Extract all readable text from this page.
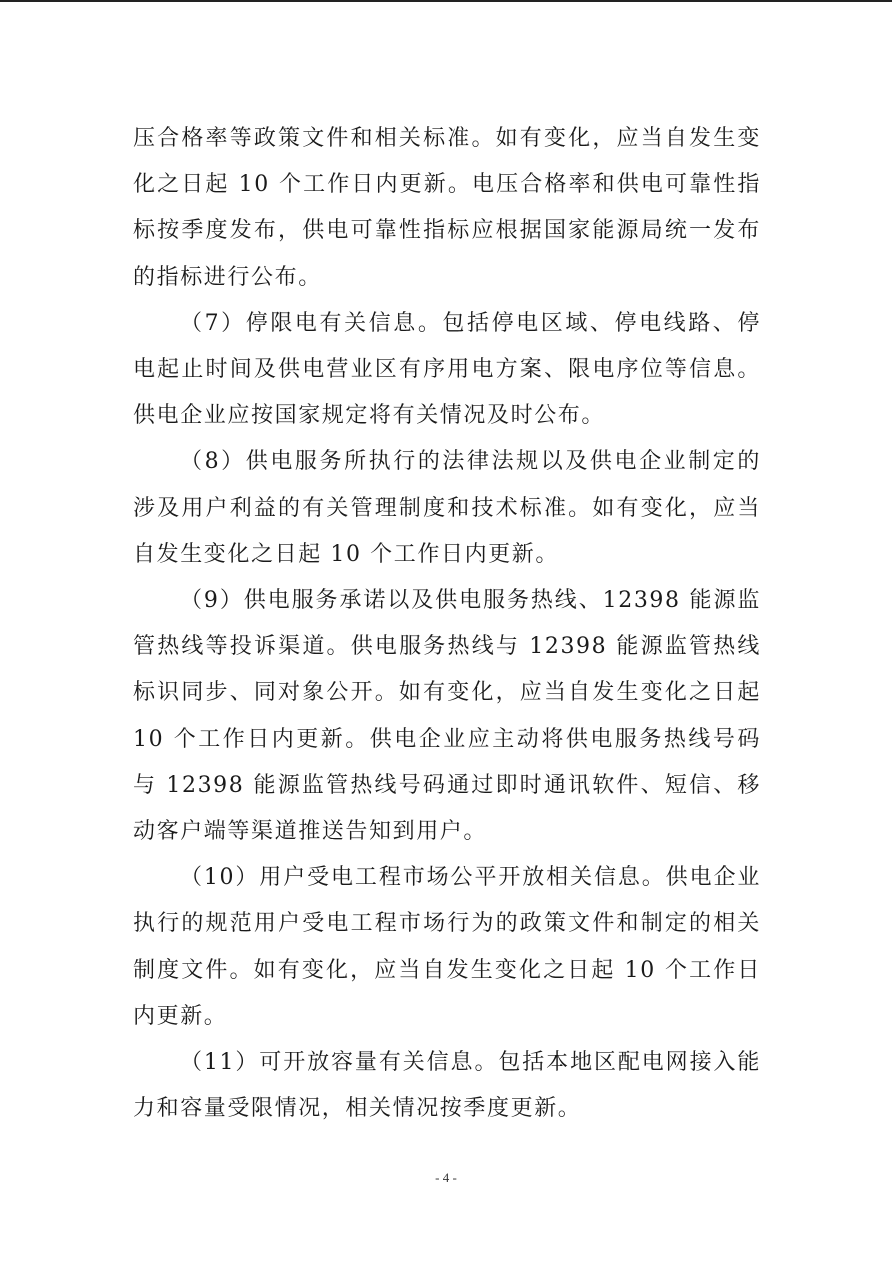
压合格率等政策文件和相关标准。如有变化，应当自发生变化之日起 10 个工作日内更新。电压合格率和供电可靠性指标按季度发布，供电可靠性指标应根据国家能源局统一发布的指标进行公布。

（7）停限电有关信息。包括停电区域、停电线路、停电起止时间及供电营业区有序用电方案、限电序位等信息。供电企业应按国家规定将有关情况及时公布。

（8）供电服务所执行的法律法规以及供电企业制定的涉及用户利益的有关管理制度和技术标准。如有变化，应当自发生变化之日起 10 个工作日内更新。

（9）供电服务承诺以及供电服务热线、12398 能源监管热线等投诉渠道。供电服务热线与 12398 能源监管热线标识同步、同对象公开。如有变化，应当自发生变化之日起 10 个工作日内更新。供电企业应主动将供电服务热线号码与 12398 能源监管热线号码通过即时通讯软件、短信、移动客户端等渠道推送告知到用户。

（10）用户受电工程市场公平开放相关信息。供电企业执行的规范用户受电工程市场行为的政策文件和制定的相关制度文件。如有变化，应当自发生变化之日起 10 个工作日内更新。

（11）可开放容量有关信息。包括本地区配电网接入能力和容量受限情况，相关情况按季度更新。

- 4 -
